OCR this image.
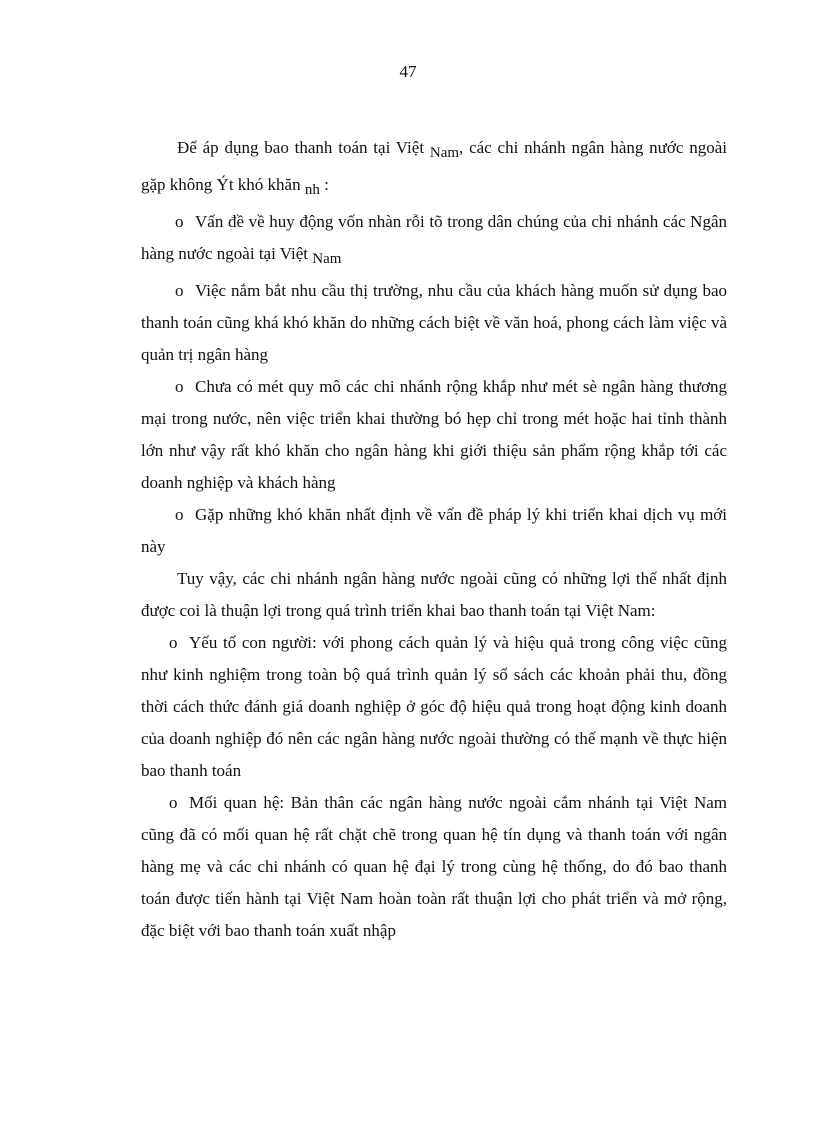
47

Để áp dụng bao thanh toán tại Việt Nam, các chi nhánh ngân hàng nước ngoài gặp không Ýt khó khăn nh :

o Vấn đề về huy động vốn nhàn rỗi tõ trong dân chúng của chi nhánh các Ngân hàng nước ngoài tại Việt Nam

o Việc nắm bắt nhu cầu thị trường, nhu cầu của khách hàng muốn sử dụng bao thanh toán cũng khá khó khăn do những cách biệt về văn hoá, phong cách làm việc và quản trị ngân hàng

o Chưa có mét quy mô các chi nhánh rộng khắp như mét sè ngân hàng thương mại trong nước, nên việc triển khai thường bó hẹp chỉ trong mét hoặc hai tỉnh thành lớn như vậy rất khó khăn cho ngân hàng khi giới thiệu sản phẩm rộng khắp tới các doanh nghiệp và khách hàng

o Gặp những khó khăn nhất định về vấn đề pháp lý khi triển khai dịch vụ mới này

Tuy vậy, các chi nhánh ngân hàng nước ngoài cũng có những lợi thế nhất định được coi là thuận lợi trong quá trình triển khai bao thanh toán tại Việt Nam:

o Yếu tố con người: với phong cách quản lý và hiệu quả trong công việc cũng như kinh nghiệm trong toàn bộ quá trình quản lý sổ sách các khoản phải thu, đồng thời cách thức đánh giá doanh nghiệp ở góc độ hiệu quả trong hoạt động kinh doanh của doanh nghiệp đó nên các ngân hàng nước ngoài thường có thế mạnh về thực hiện bao thanh toán

o Mối quan hệ: Bản thân các ngân hàng nước ngoài cắm nhánh tại Việt Nam cũng đã có mối quan hệ rất chặt chẽ trong quan hệ tín dụng và thanh toán với ngân hàng mẹ và các chi nhánh có quan hệ đại lý trong cùng hệ thống, do đó bao thanh toán được tiến hành tại Việt Nam hoàn toàn rất thuận lợi cho phát triển và mở rộng, đặc biệt với bao thanh toán xuất nhập
